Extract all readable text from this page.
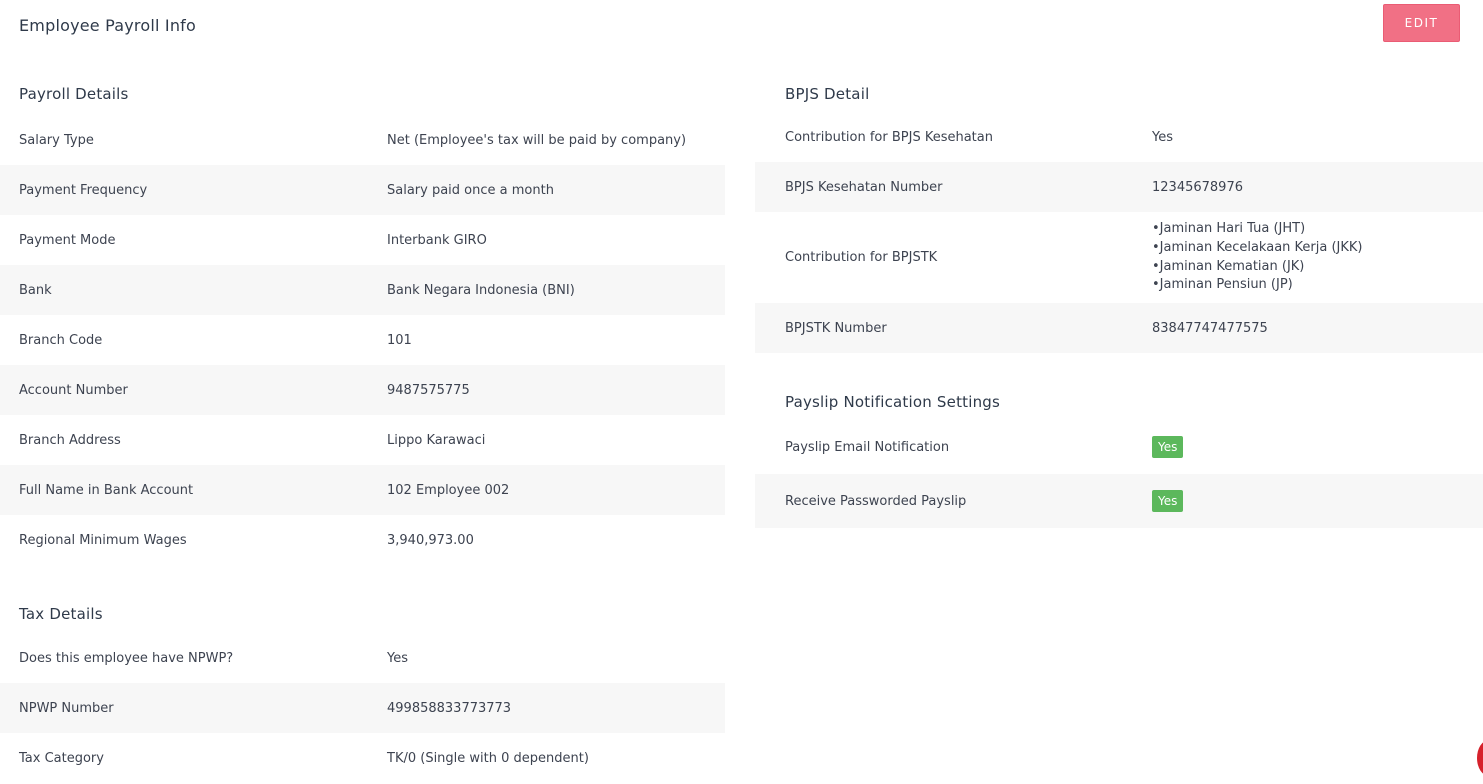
Employee Payroll Info	EDIT
Payroll Details
Salary Type	Net (Employee's tax will be paid by company)
Payment Frequency	Salary paid once a month
Payment Mode	Interbank GIRO
Bank	Bank Negara Indonesia (BNI)
Branch Code	101
Account Number	9487575775
Branch Address	Lippo Karawaci
Full Name in Bank Account	102 Employee 002
Regional Minimum Wages	3,940,973.00
Tax Details
Does this employee have NPWP?	Yes
NPWP Number	499858833773773
Tax Category	TK/0 (Single with 0 dependent)
BPJS Detail
Contribution for BPJS Kesehatan	Yes
BPJS Kesehatan Number	12345678976
Contribution for BPJSTK
• Jaminan Hari Tua (JHT)
• Jaminan Kecelakaan Kerja (JKK)
• Jaminan Kematian (JK)
• Jaminan Pensiun (JP)
BPJSTK Number	83847747477575
Payslip Notification Settings
Payslip Email Notification	Yes
Receive Passworded Payslip	Yes
